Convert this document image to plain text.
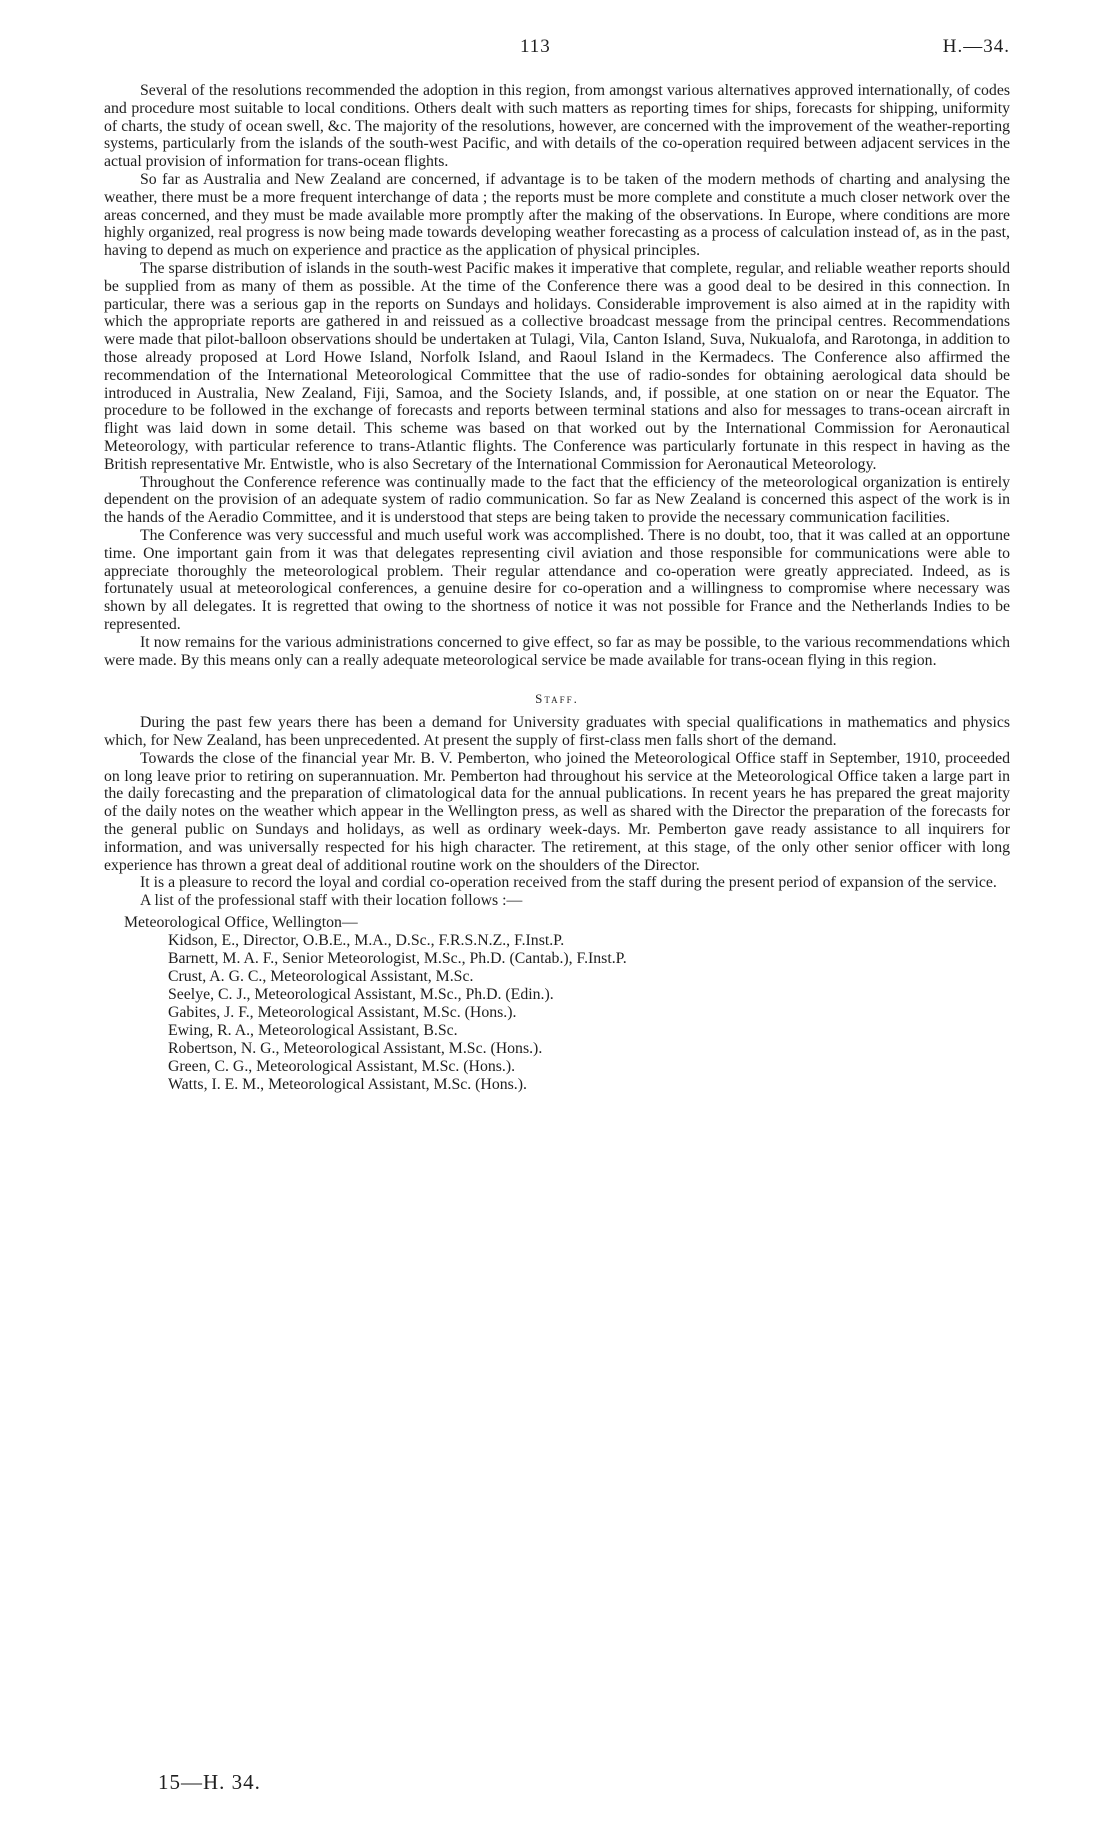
113	H.—34.

Several of the resolutions recommended the adoption in this region, from amongst various alternatives approved internationally, of codes and procedure most suitable to local conditions. Others dealt with such matters as reporting times for ships, forecasts for shipping, uniformity of charts, the study of ocean swell, &c. The majority of the resolutions, however, are concerned with the improvement of the weather-reporting systems, particularly from the islands of the south-west Pacific, and with details of the co-operation required between adjacent services in the actual provision of information for trans-ocean flights.

So far as Australia and New Zealand are concerned, if advantage is to be taken of the modern methods of charting and analysing the weather, there must be a more frequent interchange of data ; the reports must be more complete and constitute a much closer network over the areas concerned, and they must be made available more promptly after the making of the observations. In Europe, where conditions are more highly organized, real progress is now being made towards developing weather forecasting as a process of calculation instead of, as in the past, having to depend as much on experience and practice as the application of physical principles.

The sparse distribution of islands in the south-west Pacific makes it imperative that complete, regular, and reliable weather reports should be supplied from as many of them as possible. At the time of the Conference there was a good deal to be desired in this connection. In particular, there was a serious gap in the reports on Sundays and holidays. Considerable improvement is also aimed at in the rapidity with which the appropriate reports are gathered in and reissued as a collective broadcast message from the principal centres. Recommendations were made that pilot-balloon observations should be undertaken at Tulagi, Vila, Canton Island, Suva, Nukualofa, and Rarotonga, in addition to those already proposed at Lord Howe Island, Norfolk Island, and Raoul Island in the Kermadecs. The Conference also affirmed the recommendation of the International Meteorological Committee that the use of radio-sondes for obtaining aerological data should be introduced in Australia, New Zealand, Fiji, Samoa, and the Society Islands, and, if possible, at one station on or near the Equator. The procedure to be followed in the exchange of forecasts and reports between terminal stations and also for messages to trans-ocean aircraft in flight was laid down in some detail. This scheme was based on that worked out by the International Commission for Aeronautical Meteorology, with particular reference to trans-Atlantic flights. The Conference was particularly fortunate in this respect in having as the British representative Mr. Entwistle, who is also Secretary of the International Commission for Aeronautical Meteorology.

Throughout the Conference reference was continually made to the fact that the efficiency of the meteorological organization is entirely dependent on the provision of an adequate system of radio communication. So far as New Zealand is concerned this aspect of the work is in the hands of the Aeradio Committee, and it is understood that steps are being taken to provide the necessary communication facilities.

The Conference was very successful and much useful work was accomplished. There is no doubt, too, that it was called at an opportune time. One important gain from it was that delegates representing civil aviation and those responsible for communications were able to appreciate thoroughly the meteorological problem. Their regular attendance and co-operation were greatly appreciated. Indeed, as is fortunately usual at meteorological conferences, a genuine desire for co-operation and a willingness to compromise where necessary was shown by all delegates. It is regretted that owing to the shortness of notice it was not possible for France and the Netherlands Indies to be represented.

It now remains for the various administrations concerned to give effect, so far as may be possible, to the various recommendations which were made. By this means only can a really adequate meteorological service be made available for trans-ocean flying in this region.

Staff.

During the past few years there has been a demand for University graduates with special qualifications in mathematics and physics which, for New Zealand, has been unprecedented. At present the supply of first-class men falls short of the demand.

Towards the close of the financial year Mr. B. V. Pemberton, who joined the Meteorological Office staff in September, 1910, proceeded on long leave prior to retiring on superannuation. Mr. Pemberton had throughout his service at the Meteorological Office taken a large part in the daily forecasting and the preparation of climatological data for the annual publications. In recent years he has prepared the great majority of the daily notes on the weather which appear in the Wellington press, as well as shared with the Director the preparation of the forecasts for the general public on Sundays and holidays, as well as ordinary week-days. Mr. Pemberton gave ready assistance to all inquirers for information, and was universally respected for his high character. The retirement, at this stage, of the only other senior officer with long experience has thrown a great deal of additional routine work on the shoulders of the Director.

It is a pleasure to record the loyal and cordial co-operation received from the staff during the present period of expansion of the service.

A list of the professional staff with their location follows :—

Meteorological Office, Wellington—
Kidson, E., Director, O.B.E., M.A., D.Sc., F.R.S.N.Z., F.Inst.P.
Barnett, M. A. F., Senior Meteorologist, M.Sc., Ph.D. (Cantab.), F.Inst.P.
Crust, A. G. C., Meteorological Assistant, M.Sc.
Seelye, C. J., Meteorological Assistant, M.Sc., Ph.D. (Edin.).
Gabites, J. F., Meteorological Assistant, M.Sc. (Hons.).
Ewing, R. A., Meteorological Assistant, B.Sc.
Robertson, N. G., Meteorological Assistant, M.Sc. (Hons.).
Green, C. G., Meteorological Assistant, M.Sc. (Hons.).
Watts, I. E. M., Meteorological Assistant, M.Sc. (Hons.).
15—H. 34.
